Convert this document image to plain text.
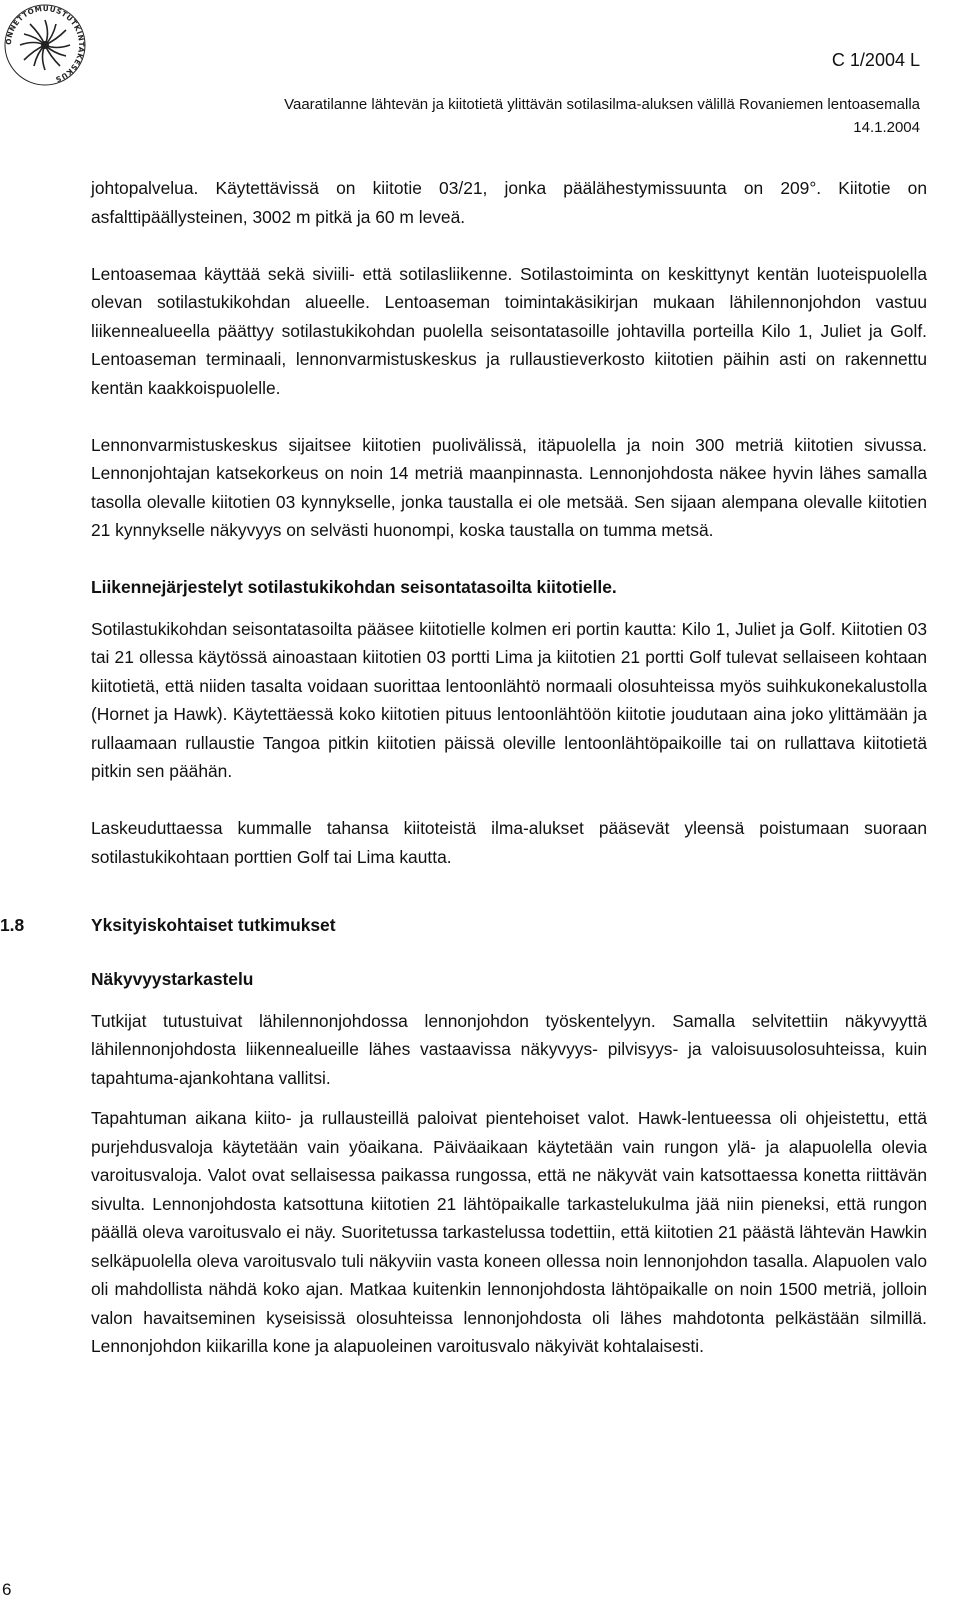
ONNETTOMUUSTUTKINTAKESKUS
C 1/2004 L
Vaaratilanne lähtevän ja kiitotietä ylittävän sotilasilma-aluksen välillä Rovaniemen lentoasemalla
14.1.2004

johtopalvelua. Käytettävissä on kiitotie 03/21, jonka päälähestymissuunta on 209°. Kiitotie on asfalttipäällysteinen, 3002 m pitkä ja 60 m leveä.

Lentoasemaa käyttää sekä siviili- että sotilasliikenne. Sotilastoiminta on keskittynyt kentän luoteispuolella olevan sotilastukikohdan alueelle. Lentoaseman toimintakäsikirjan mukaan lähilennonjohdon vastuu liikennealueella päättyy sotilastukikohdan puolella seisontatasoille johtavilla porteilla Kilo 1, Juliet ja Golf. Lentoaseman terminaali, lennonvarmistuskeskus ja rullaustieverkosto kiitotien päihin asti on rakennettu kentän kaakkoispuolelle.

Lennonvarmistuskeskus sijaitsee kiitotien puolivälissä, itäpuolella ja noin 300 metriä kiitotien sivussa. Lennonjohtajan katsekorkeus on noin 14 metriä maanpinnasta. Lennonjohdosta näkee hyvin lähes samalla tasolla olevalle kiitotien 03 kynnykselle, jonka taustalla ei ole metsää. Sen sijaan alempana olevalle kiitotien 21 kynnykselle näkyvyys on selvästi huonompi, koska taustalla on tumma metsä.

Liikennejärjestelyt sotilastukikohdan seisontatasoilta kiitotielle.

Sotilastukikohdan seisontatasoilta pääsee kiitotielle kolmen eri portin kautta: Kilo 1, Juliet ja Golf. Kiitotien 03 tai 21 ollessa käytössä ainoastaan kiitotien 03 portti Lima ja kiitotien 21 portti Golf tulevat sellaiseen kohtaan kiitotietä, että niiden tasalta voidaan suorittaa lentoonlähtö normaali olosuhteissa myös suihkukonekalustolla (Hornet ja Hawk). Käytettäessä koko kiitotien pituus lentoonlähtöön kiitotie joudutaan aina joko ylittämään ja rullaamaan rullaustie Tangoa pitkin kiitotien päissä oleville lentoonlähtöpaikoille tai on rullattava kiitotietä pitkin sen päähän.

Laskeuduttaessa kummalle tahansa kiitoteistä ilma-alukset pääsevät yleensä poistumaan suoraan sotilastukikohtaan porttien Golf tai Lima kautta.

1.8	Yksityiskohtaiset tutkimukset
Näkyvyystarkastelu

Tutkijat tutustuivat lähilennonjohdossa lennonjohdon työskentelyyn. Samalla selvitettiin näkyvyyttä lähilennonjohdosta liikennealueille lähes vastaavissa näkyvyys- pilvisyys- ja valoisuusolosuhteissa, kuin tapahtuma-ajankohtana vallitsi.

Tapahtuman aikana kiito- ja rullausteillä paloivat pientehoiset valot. Hawk-lentueessa oli ohjeistettu, että purjehdusvaloja käytetään vain yöaikana. Päiväaikaan käytetään vain rungon ylä- ja alapuolella olevia varoitusvaloja. Valot ovat sellaisessa paikassa rungossa, että ne näkyvät vain katsottaessa konetta riittävän sivulta. Lennonjohdosta katsottuna kiitotien 21 lähtöpaikalle tarkastelukulma jää niin pieneksi, että rungon päällä oleva varoitusvalo ei näy. Suoritetussa tarkastelussa todettiin, että kiitotien 21 päästä lähtevän Hawkin selkäpuolella oleva varoitusvalo tuli näkyviin vasta koneen ollessa noin lennonjohdon tasalla. Alapuolen valo oli mahdollista nähdä koko ajan. Matkaa kuitenkin lennonjohdosta lähtöpaikalle on noin 1500 metriä, jolloin valon havaitseminen kyseisissä olosuhteissa lennonjohdosta oli lähes mahdotonta pelkästään silmillä. Lennonjohdon kiikarilla kone ja alapuoleinen varoitusvalo näkyivät kohtalaisesti.

6
